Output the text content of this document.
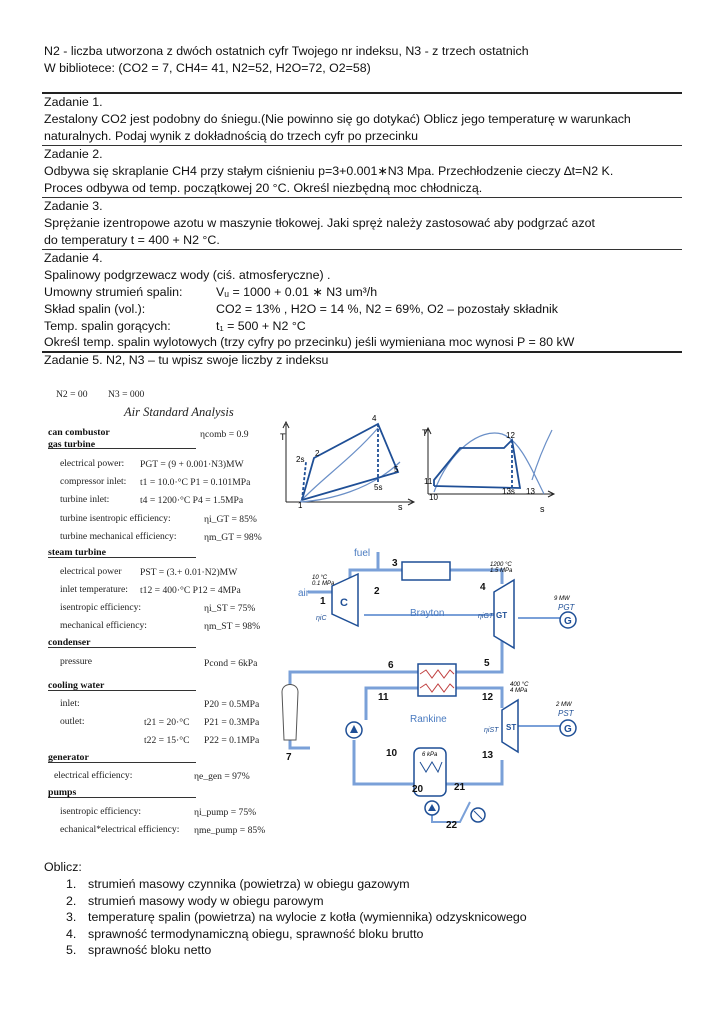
N2 - liczba utworzona z dwóch ostatnich cyfr Twojego nr indeksu, N3 - z trzech ostatnich
W bibliotece: (CO2 = 7, CH4= 41, N2=52, H2O=72, O2=58)
Zadanie 1.
Zestalony CO2 jest podobny do śniegu.(Nie powinno się go dotykać) Oblicz jego temperaturę w warunkach
naturalnych. Podaj wynik z dokładnością do trzech cyfr po przecinku
Zadanie 2.
Odbywa się skraplanie CH4 przy stałym ciśnieniu p=3+0.001∗N3 Mpa. Przechłodzenie cieczy ∆t=N2 K.
Proces odbywa od temp. początkowej 20 °C. Określ niezbędną moc chłodniczą.
Zadanie 3.
Sprężanie izentropowe azotu w maszynie tłokowej. Jaki spręż należy zastosować aby podgrzać azot
do temperatury t = 400 + N2 °C.
Zadanie 4.
Spalinowy podgrzewacz wody (ciś. atmosferyczne) .
Umowny strumień spalin:	Vᵤ = 1000 + 0.01 ∗ N3 um³/h
Skład spalin (vol.):	CO2 = 13% , H2O = 14 %, N2 = 69%, O2 – pozostały składnik
Temp. spalin gorących:	t₁ = 500 + N2 °C
Określ temp. spalin wylotowych (trzy cyfry po przecinku) jeśli wymieniana moc wynosi P = 80 kW
Zadanie 5. N2, N3 – tu wpisz swoje liczby z indeksu
N2 = 00 N3 = 000
Air Standard Analysis
can combustor	ηcomb = 0.9
gas turbine
electrical power: PGT = (9 + 0.001·N3)MW
compressor inlet: t1 = 10.0·°C P1 = 0.101MPa
turbine inlet:	t4 = 1200·°C P4 = 1.5MPa
turbine isentropic efficiency:	ηi_GT = 85%
turbine mechanical efficiency:	ηm_GT = 98%
steam turbine
electrical power PST = (3.+ 0.01·N2)MW
inlet temperature: t12 = 400·°C P12 = 4MPa
isentropic efficiency:	ηi_ST = 75%
mechanical efficiency:	ηm_ST = 98%
condenser
pressure	Pcond = 6kPa
cooling water
inlet:	P20 = 0.5MPa
outlet:	t21 = 20·°C P21 = 0.3MPa
t22 = 15·°C P22 = 0.1MPa
generator
electrical efficiency:	ηe_gen = 97%
pumps
isentropic efficiency:	ηi_pump = 75%
echanical*electrical efficiency: ηme_pump = 85%
T
s
1
2
2s
4
5
5s
T
s
10
11
12
13
13s
fuel
air
10 °C
0.1 MPa
C
ηiC	GT
ηiGT
Brayton
1200 °C
1.5 MPa
G
9 MW
PGT
ST
ηiST
Rankine
400 °C
4 MPa
G
2 MW
PST
6 kPa
1
2
3
4
5
6
7	10
11	12
13
20	21
22
Oblicz:
1. strumień masowy czynnika (powietrza) w obiegu gazowym
2. strumień masowy wody w obiegu parowym
3. temperaturę spalin (powietrza) na wylocie z kotła (wymiennika) odzysknicowego
4. sprawność termodynamiczną obiegu, sprawność bloku brutto
5. sprawność bloku netto
